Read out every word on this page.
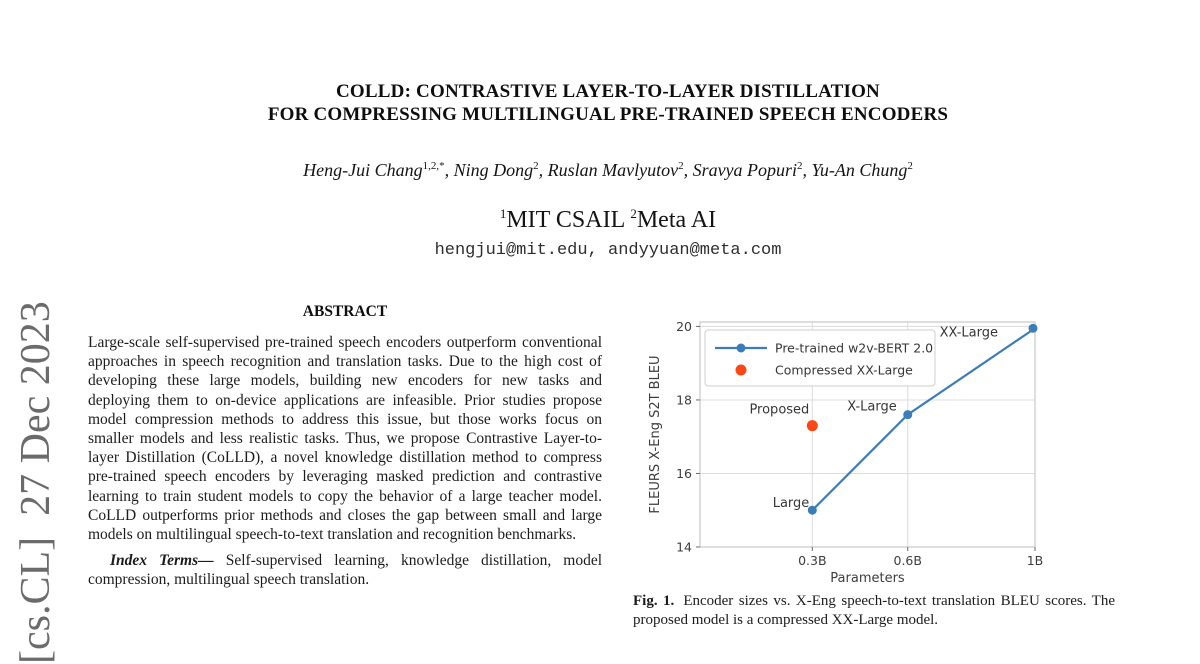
[cs.CL]  27 Dec 2023
COLLD: CONTRASTIVE LAYER-TO-LAYER DISTILLATION
FOR COMPRESSING MULTILINGUAL PRE-TRAINED SPEECH ENCODERS
Heng-Jui Chang$^{1,2,*}$, Ning Dong$^2$, Ruslan Mavlyutov$^2$, Sravya Popuri$^2$, Yu-An Chung$^2$
$^1$MIT CSAIL $^2$Meta AI
hengjui@mit.edu, andyyuan@meta.com
ABSTRACT

Large-scale self-supervised pre-trained speech encoders outperform conventional approaches in speech recognition and translation tasks. Due to the high cost of developing these large models, building new encoders for new tasks and deploying them to on-device applications are infeasible. Prior studies propose model compression methods to address this issue, but those works focus on smaller models and less realistic tasks. Thus, we propose Contrastive Layer-to-layer Distillation (CoLLD), a novel knowledge distillation method to compress pre-trained speech encoders by leveraging masked prediction and contrastive learning to train student models to copy the behavior of a large teacher model. CoLLD outperforms prior methods and closes the gap between small and large models on multilingual speech-to-text translation and recognition benchmarks.

Index Terms— Self-supervised learning, knowledge distillation, model compression, multilingual speech translation.

0.3B	0.6B	1B
14
16
18
20
Parameters
FLEURS X-Eng S2T BLEU	Large
X-Large
XX-Large
Proposed
Pre-trained w2v-BERT 2.0
Compressed XX-Large

Fig. 1. Encoder sizes vs. X-Eng speech-to-text translation BLEU scores. The proposed model is a compressed XX-Large model.
